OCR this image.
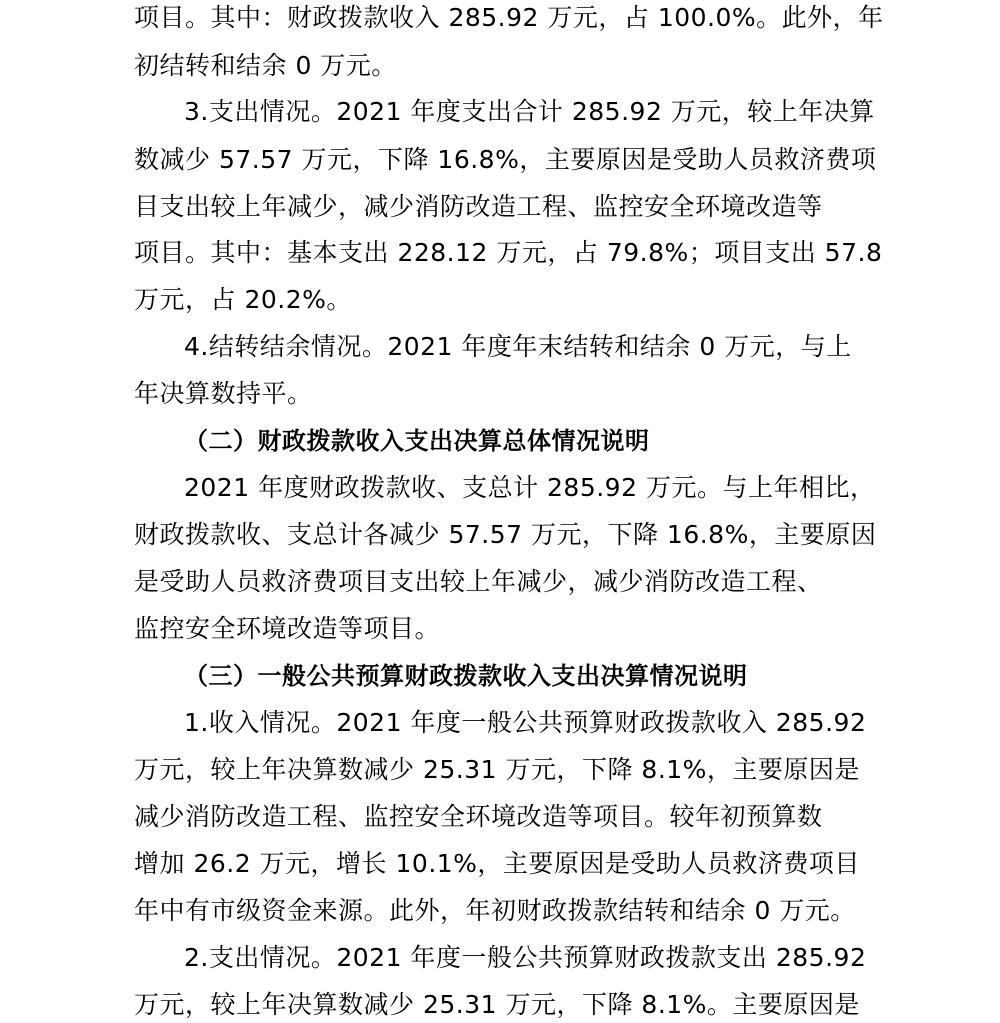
项目。其中：财政拨款收入 285.92 万元，占 100.0%。此外，年
初结转和结余 0 万元。
3.支出情况。2021 年度支出合计 285.92 万元，较上年决算
数减少 57.57 万元，下降 16.8%，主要原因是受助人员救济费项
目支出较上年减少，减少消防改造工程、监控安全环境改造等
项目。其中：基本支出 228.12 万元，占 79.8%；项目支出 57.8
万元，占 20.2%。
4.结转结余情况。2021 年度年末结转和结余 0 万元，与上
年决算数持平。
（二）财政拨款收入支出决算总体情况说明
2021 年度财政拨款收、支总计 285.92 万元。与上年相比，
财政拨款收、支总计各减少 57.57 万元，下降 16.8%，主要原因
是受助人员救济费项目支出较上年减少，减少消防改造工程、
监控安全环境改造等项目。
（三）一般公共预算财政拨款收入支出决算情况说明
1.收入情况。2021 年度一般公共预算财政拨款收入 285.92
万元，较上年决算数减少 25.31 万元，下降 8.1%，主要原因是
减少消防改造工程、监控安全环境改造等项目。较年初预算数
增加 26.2 万元，增长 10.1%，主要原因是受助人员救济费项目
年中有市级资金来源。此外，年初财政拨款结转和结余 0 万元。
2.支出情况。2021 年度一般公共预算财政拨款支出 285.92
万元，较上年决算数减少 25.31 万元，下降 8.1%。主要原因是
